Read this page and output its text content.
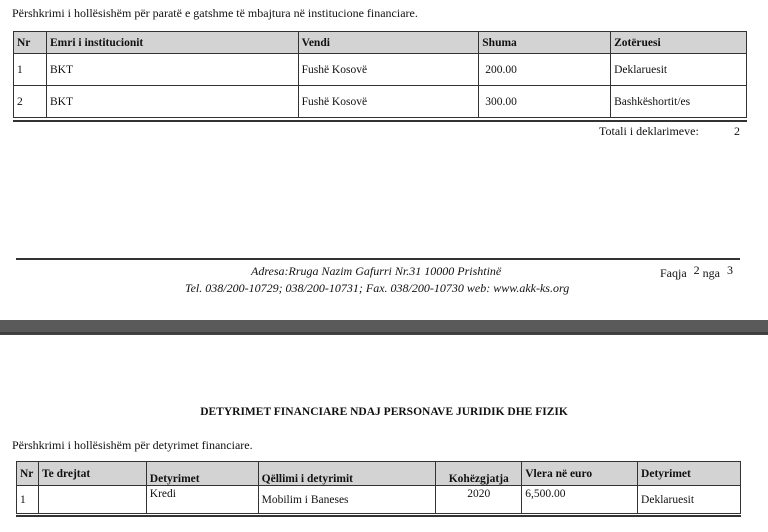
Përshkrimi i hollësishëm për paratë e gatshme të mbajtura në institucione financiare.
Nr	Emri i institucionit	Vendi	Shuma	Zotëruesi
1	BKT	Fushë Kosovë	200.00	Deklaruesit
2	BKT	Fushë Kosovë	300.00	Bashkëshortit/es
Totali i deklarimeve:	2
Adresa:Rruga Nazim Gafurri Nr.31 10000 Prishtinë
Tel. 038/200-10729; 038/200-10731; Fax. 038/200-10730 web: www.akk-ks.org
Faqja 2 nga 3
DETYRIMET FINANCIARE NDAJ PERSONAVE JURIDIK DHE FIZIK
Përshkrimi i hollësishëm për detyrimet financiare.
Nr	Te drejtat	Detyrimet	Qëllimi i detyrimit	Kohëzgjatja	Vlera në euro	Detyrimet
1		Kredi	Mobilim i Baneses	2020	6,500.00	Deklaruesit
